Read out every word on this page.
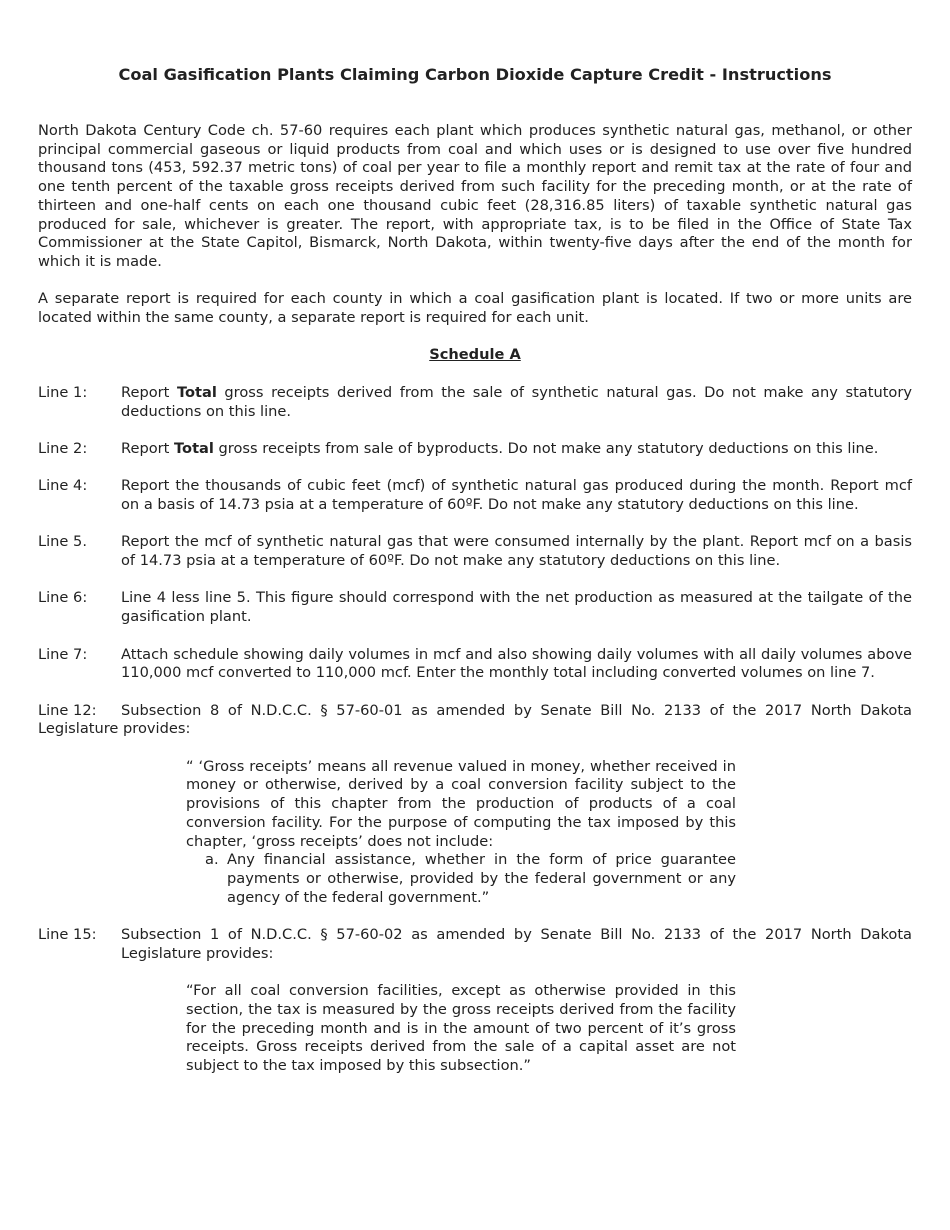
Coal Gasification Plants Claiming Carbon Dioxide Capture Credit - Instructions

North Dakota Century Code ch. 57-60 requires each plant which produces synthetic natural gas, methanol, or other principal commercial gaseous or liquid products from coal and which uses or is designed to use over five hundred thousand tons (453, 592.37 metric tons) of coal per year to file a monthly report and remit tax at the rate of four and one tenth percent of the taxable gross receipts derived from such facility for the preceding month, or at the rate of thirteen and one-half cents on each one thousand cubic feet (28,316.85 liters) of taxable synthetic natural gas produced for sale, whichever is greater. The report, with appropriate tax, is to be filed in the Office of State Tax Commissioner at the State Capitol, Bismarck, North Dakota, within twenty-five days after the end of the month for which it is made.

A separate report is required for each county in which a coal gasification plant is located. If two or more units are located within the same county, a separate report is required for each unit.

Schedule A
Line 1:	Report Total gross receipts derived from the sale of synthetic natural gas. Do not make any statutory deductions on this line.
Line 2:	Report Total gross receipts from sale of byproducts. Do not make any statutory deductions on this line.
Line 4:	Report the thousands of cubic feet (mcf) of synthetic natural gas produced during the month. Report mcf on a basis of 14.73 psia at a temperature of 60ºF. Do not make any statutory deductions on this line.
Line 5.	Report the mcf of synthetic natural gas that were consumed internally by the plant. Report mcf on a basis of 14.73 psia at a temperature of 60ºF. Do not make any statutory deductions on this line.
Line 6:	Line 4 less line 5. This figure should correspond with the net production as measured at the tailgate of the gasification plant.
Line 7:	Attach schedule showing daily volumes in mcf and also showing daily volumes with all daily volumes above 110,000 mcf converted to 110,000 mcf. Enter the monthly total including converted volumes on line 7.
Line 12: Subsection 8 of N.D.C.C. § 57-60-01 as amended by Senate Bill No. 2133 of the 2017 North Dakota Legislature provides:
“ ‘Gross receipts’ means all revenue valued in money, whether received in money or otherwise, derived by a coal conversion facility subject to the provisions of this chapter from the production of products of a coal conversion facility. For the purpose of computing the tax imposed by this chapter, ‘gross receipts’ does not include:
a. Any financial assistance, whether in the form of price guarantee payments or otherwise, provided by the federal government or any agency of the federal government.”
Line 15:	Subsection 1 of N.D.C.C. § 57-60-02 as amended by Senate Bill No. 2133 of the 2017 North Dakota Legislature provides:
“For all coal conversion facilities, except as otherwise provided in this section, the tax is measured by the gross receipts derived from the facility for the preceding month and is in the amount of two percent of it’s gross receipts. Gross receipts derived from the sale of a capital asset are not subject to the tax imposed by this subsection.”
